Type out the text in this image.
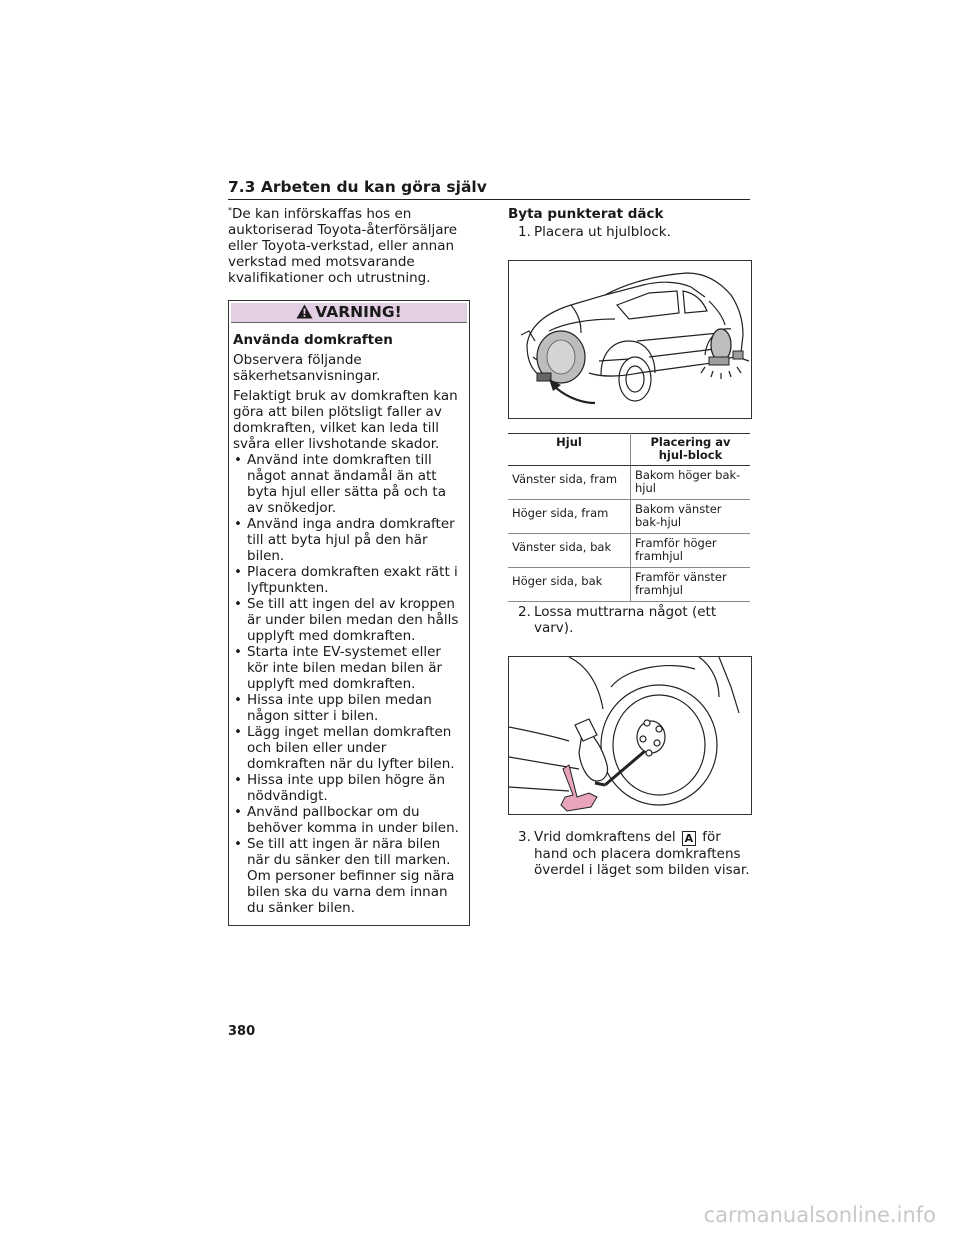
7.3 Arbeten du kan göra själv

*De kan införskaffas hos en auktoriserad Toyota-återförsäljare eller Toyota-verkstad, eller annan verkstad med motsvarande kvalifikationer och utrustning.

VARNING!
Använda domkraften

Observera följande säkerhetsanvisningar.

Felaktigt bruk av domkraften kan göra att bilen plötsligt faller av domkraften, vilket kan leda till svåra eller livshotande skador.

• Använd inte domkraften till något annat ändamål än att byta hjul eller sätta på och ta av snökedjor.
• Använd inga andra domkrafter till att byta hjul på den här bilen.
• Placera domkraften exakt rätt i lyftpunkten.
• Se till att ingen del av kroppen är under bilen medan den hålls upplyft med domkraften.
• Starta inte EV-systemet eller kör inte bilen medan bilen är upplyft med domkraften.
• Hissa inte upp bilen medan någon sitter i bilen.
• Lägg inget mellan domkraften och bilen eller under domkraften när du lyfter bilen.
• Hissa inte upp bilen högre än nödvändigt.
• Använd pallbockar om du behöver komma in under bilen.
• Se till att ingen är nära bilen när du sänker den till marken. Om personer befinner sig nära bilen ska du varna dem innan du sänker bilen.
Byta punkterat däck
1. Placera ut hjulblock.
Hjul	Placering av hjul-block
Vänster sida, fram	Bakom höger bak-hjul
Höger sida, fram	Bakom vänster bak-hjul
Vänster sida, bak	Framför höger framhjul
Höger sida, bak	Framför vänster framhjul
2. Lossa muttrarna något (ett varv).
3. Vrid domkraftens del A för hand och placera domkraftens överdel i läget som bilden visar.
380
carmanualsonline.info
